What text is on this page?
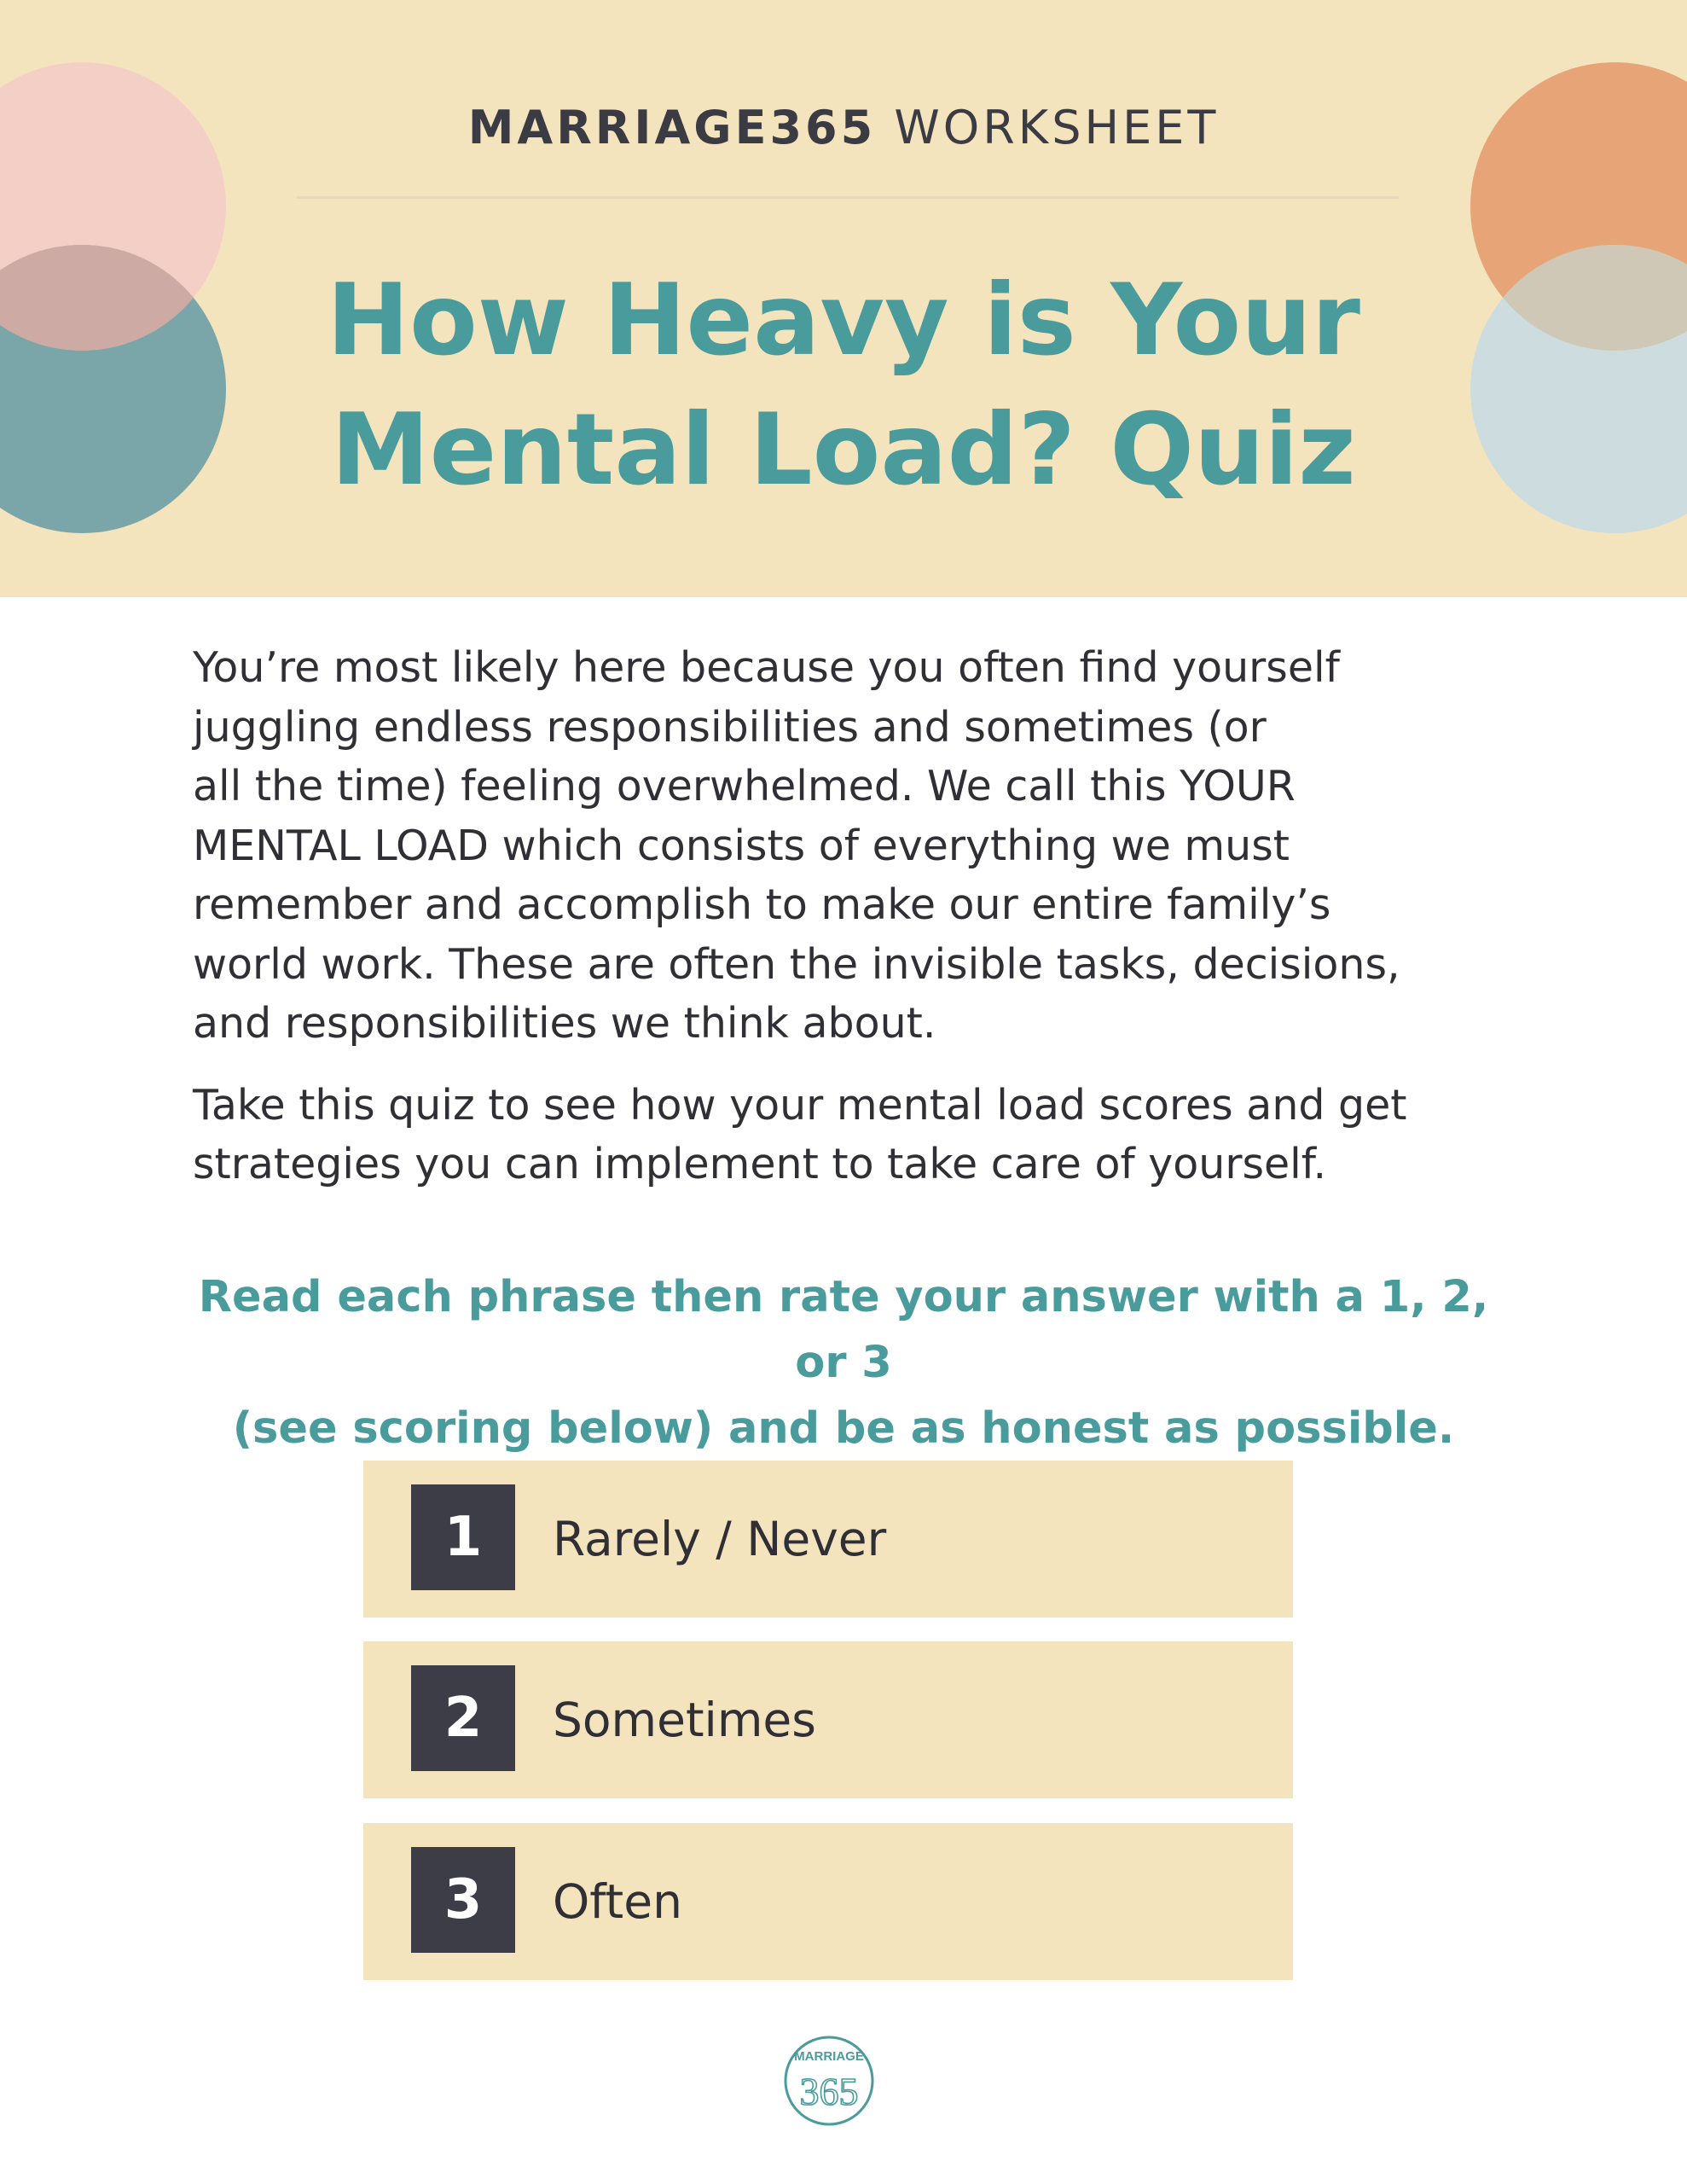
MARRIAGE365 WORKSHEET
How Heavy is Your
Mental Load? Quiz

You’re most likely here because you often find yourself
juggling endless responsibilities and sometimes (or
all the time) feeling overwhelmed. We call this YOUR
MENTAL LOAD which consists of everything we must
remember and accomplish to make our entire family’s
world work. These are often the invisible tasks, decisions,
and responsibilities we think about.

Take this quiz to see how your mental load scores and get
strategies you can implement to take care of yourself.

Read each phrase then rate your answer with a 1, 2, or 3
(see scoring below) and be as honest as possible.
1	Rarely / Never
2	Sometimes
3	Often
MARRIAGE
365
